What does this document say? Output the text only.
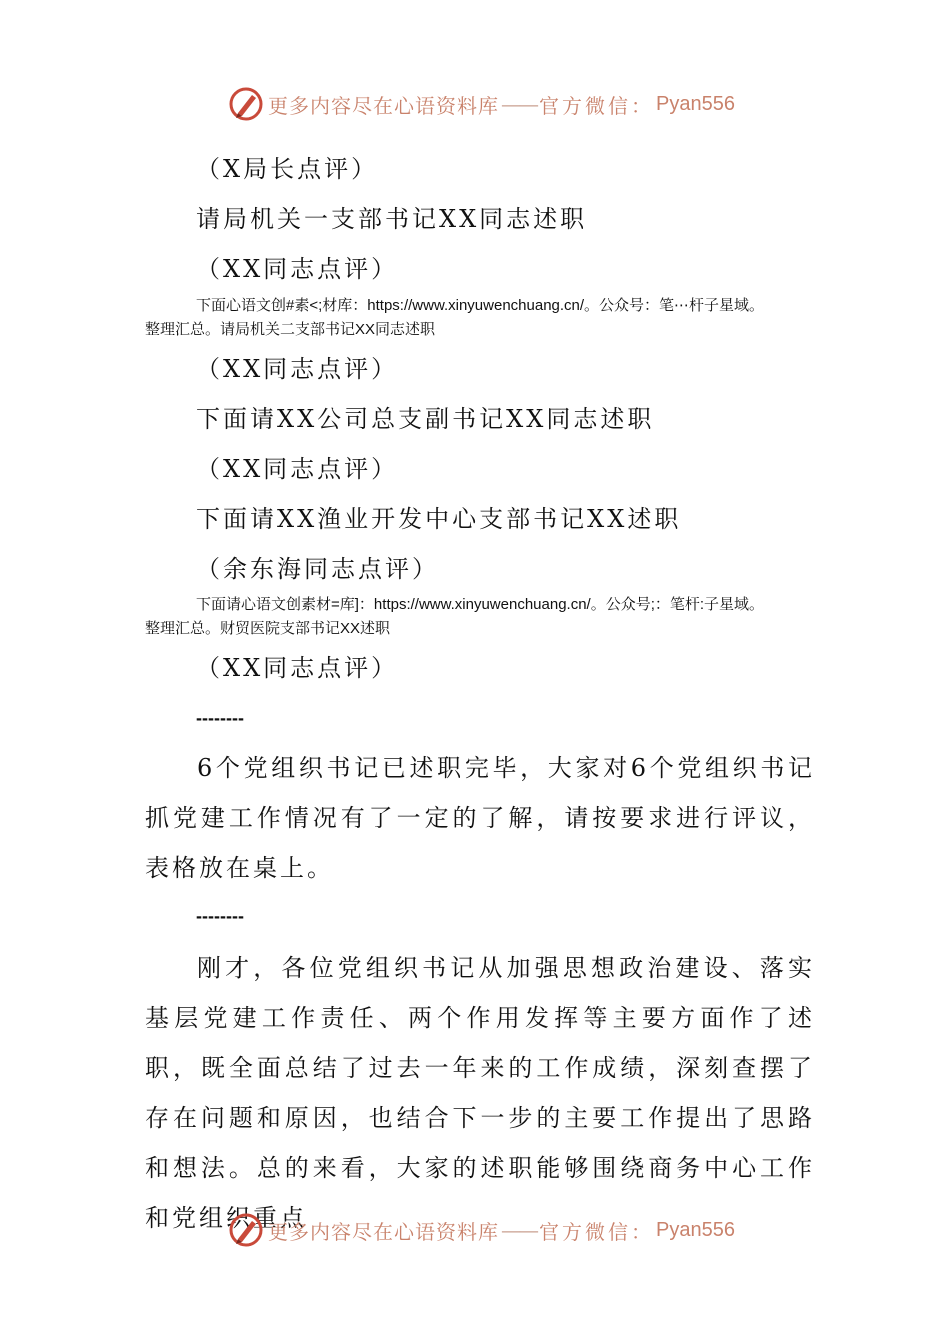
更多内容尽在心语资料库 —— 官方微信： Pyan556
（X局长点评）
请局机关一支部书记XX同志述职
（XX同志点评）
下面心语文创#素<;材库：https://www.xinyuwenchuang.cn/。公众号：笔⋯杆子星域。
整理汇总。请局机关二支部书记XX同志述职
（XX同志点评）
下面请XX公司总支副书记XX同志述职
（XX同志点评）
下面请XX渔业开发中心支部书记XX述职
（余东海同志点评）
下面请心语文创素材=库]：https://www.xinyuwenchuang.cn/。公众号;：笔杆:子星域。
整理汇总。财贸医院支部书记XX述职
（XX同志点评）
--------
6个党组织书记已述职完毕，大家对6个党组织书记抓党建工作情况有了一定的了解，请按要求进行评议，表格放在桌上。
--------
刚才，各位党组织书记从加强思想政治建设、落实基层党建工作责任、两个作用发挥等主要方面作了述职，既全面总结了过去一年来的工作成绩，深刻查摆了存在问题和原因，也结合下一步的主要工作提出了思路和想法。总的来看，大家的述职能够围绕商务中心工作和党组织重点
更多内容尽在心语资料库 —— 官方微信： Pyan556
